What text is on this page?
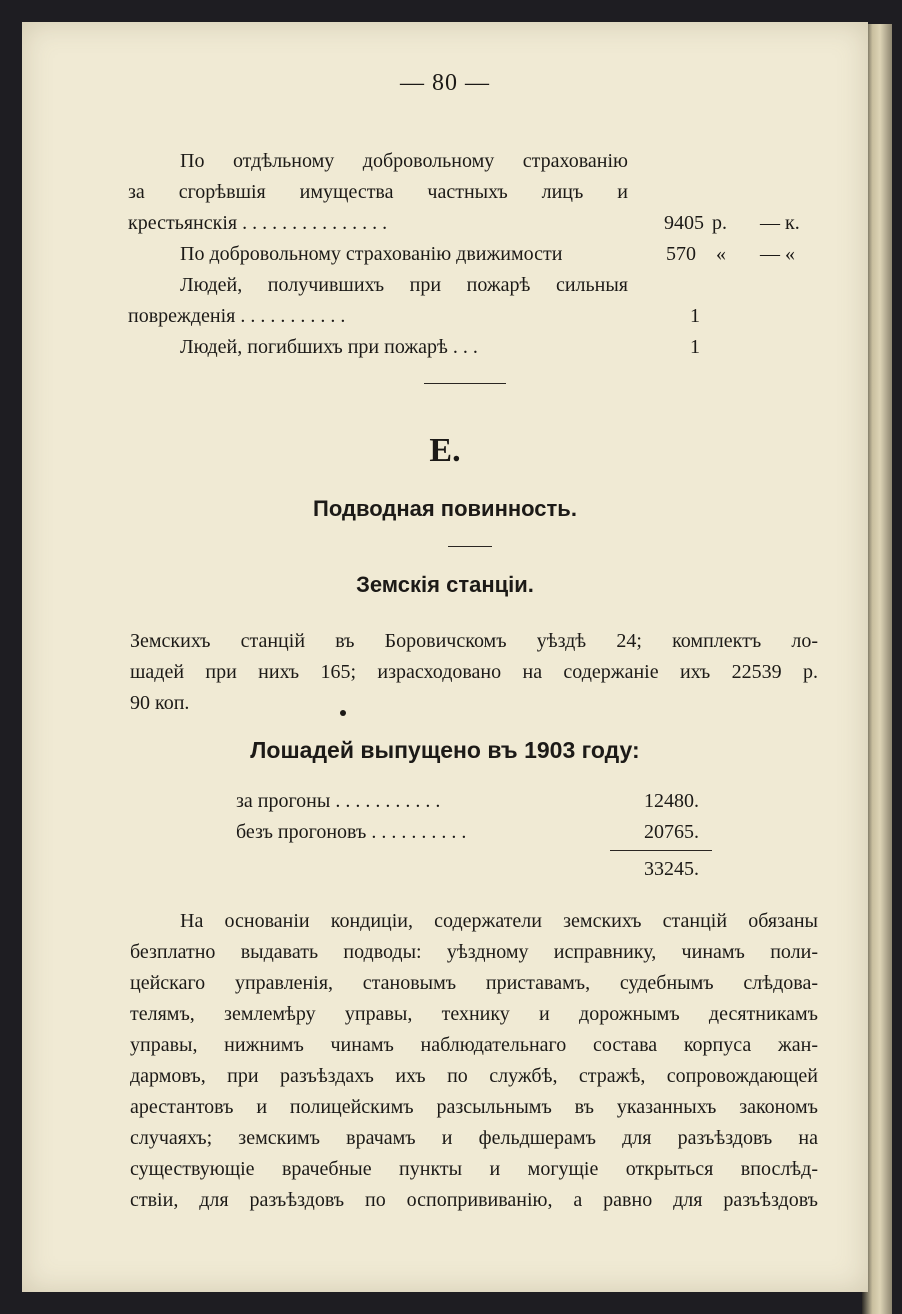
— 80 —
По отдѣльному добровольному страхованію
за сгорѣвшія имущества частныхъ лицъ и
крестьянскія . . . . . . . . . . . . . . .	9405 р. — к.
По добровольному страхованію движимости	570 « — «
Людей, получившихъ при пожарѣ сильныя
поврежденія . . . . . . . . . . .	1
Людей, погибшихъ при пожарѣ . . .	1
Е.
Подводная повинность.
Земскія станціи.
Земскихъ станцій въ Боровичскомъ уѣздѣ 24; комплектъ ло-
шадей при нихъ 165; израсходовано на содержаніе ихъ 22539 р.
90 коп.
Лошадей выпущено въ 1903 году:
за прогоны . . . . . . . . . . .	12480.
безъ прогоновъ . . . . . . . . . .	20765.
33245.
На основаніи кондиціи, содержатели земскихъ станцій обязаны
безплатно выдавать подводы: уѣздному исправнику, чинамъ поли-
цейскаго управленія, становымъ приставамъ, судебнымъ слѣдова-
телямъ, землемѣру управы, технику и дорожнымъ десятникамъ
управы, нижнимъ чинамъ наблюдательнаго состава корпуса жан-
дармовъ, при разъѣздахъ ихъ по службѣ, стражѣ, сопровождающей
арестантовъ и полицейскимъ разсыльнымъ въ указанныхъ закономъ
случаяхъ; земскимъ врачамъ и фельдшерамъ для разъѣздовъ на
существующіе врачебные пункты и могущіе открыться впослѣд-
ствіи, для разъѣздовъ по оспопрививанію, а равно для разъѣздовъ
